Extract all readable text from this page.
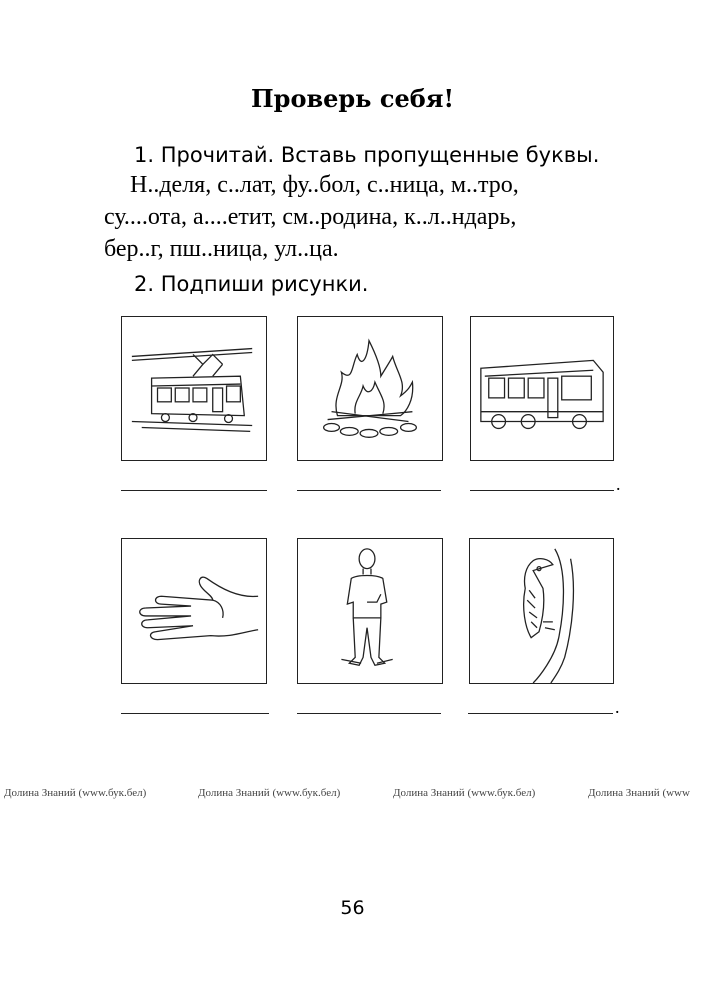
Проверь себя!
1. Прочитай. Вставь пропущенные буквы.
Н..деля, с..лат, фу..бол, с..ница, м..тро,
су....ота, а....етит, см..родина, к..л..ндарь,
бер..г, пш..ница, ул..ца.
2. Подпиши рисунки.
.
.
Долина Знаний (www.бук.бел)	Долина Знаний (www.бук.бел)	Долина Знаний (www.бук.бел)	Долина Знаний (www
56
